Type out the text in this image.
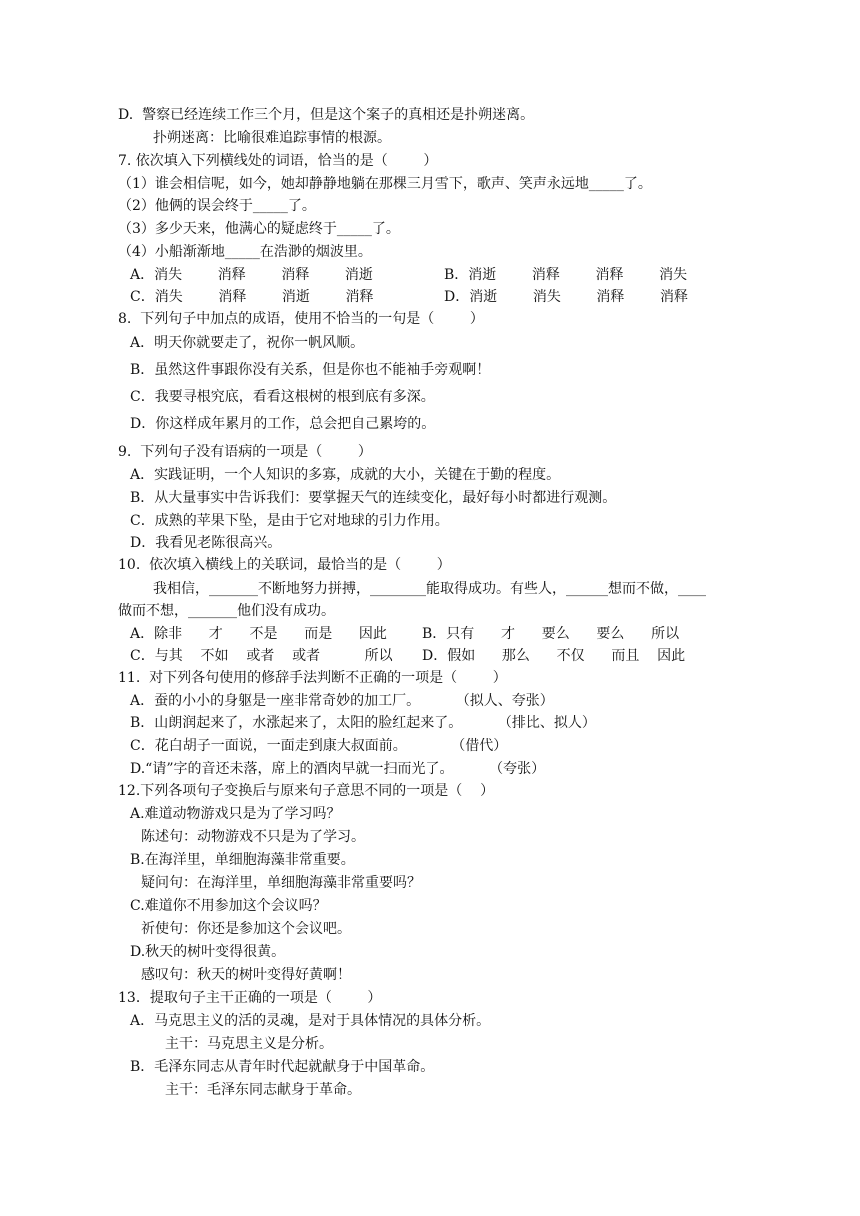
D.  警察已经连续工作三个月，但是这个案子的真相还是扑朔迷离。
扑朔迷离：比喻很难追踪事情的根源。
7. 依次填入下列横线处的词语，恰当的是（        ）
（1）谁会相信呢，如今，她却静静地躺在那棵三月雪下，歌声、笑声永远地_____了。
（2）他俩的误会终于_____了。
（3）多少天来，他满心的疑虑终于_____了。
（4）小船渐渐地_____在浩渺的烟波里。
A．消失        消释        消释        消逝	B．消逝        消释        消释        消失
C．消失        消释        消逝        消释	D．消逝        消失        消释        消释
8.  下列句子中加点的成语，使用不恰当的一句是（        ）
A．明天你就要走了，祝你一帆风顺。
B．虽然这件事跟你没有关系，但是你也不能袖手旁观啊！
C．我要寻根究底，看看这根树的根到底有多深。
D．你这样成年累月的工作，总会把自己累垮的。
9.  下列句子没有语病的一项是（        ）
A．实践证明，一个人知识的多寡，成就的大小，关键在于勤的程度。
B．从大量事实中告诉我们：要掌握天气的连续变化，最好每小时都进行观测。
C．成熟的苹果下坠，是由于它对地球的引力作用。
D．我看见老陈很高兴。
10.  依次填入横线上的关联词，最恰当的是（        ）
我相信，_______不断地努力拼搏，________能取得成功。有些人，______想而不做，____
做而不想，_______他们没有成功。
A．除非      才      不是      而是      因此	B．只有      才      要么      要么      所以
C．与其    不如    或者    或者          所以 D．假如      那么      不仅      而且    因此
11.  对下列各句使用的修辞手法判断不正确的一项是（        ）
A．蚕的小小的身躯是一座非常奇妙的加工厂。        （拟人、夸张）
B．山朗润起来了，水涨起来了，太阳的脸红起来了。        （排比、拟人）
C．花白胡子一面说，一面走到康大叔面前。          （借代）
D.“请”字的音还未落，席上的酒肉早就一扫而光了。        （夸张）
12.下列各项句子变换后与原来句子意思不同的一项是（    ）
A.难道动物游戏只是为了学习吗？
陈述句：动物游戏不只是为了学习。
B.在海洋里，单细胞海藻非常重要。
疑问句：在海洋里，单细胞海藻非常重要吗？
C.难道你不用参加这个会议吗？
祈使句：你还是参加这个会议吧。
D.秋天的树叶变得很黄。
感叹句：秋天的树叶变得好黄啊！
13．提取句子主干正确的一项是（        ）
A．马克思主义的活的灵魂，是对于具体情况的具体分析。
主干：马克思主义是分析。
B．毛泽东同志从青年时代起就献身于中国革命。
主干：毛泽东同志献身于革命。
